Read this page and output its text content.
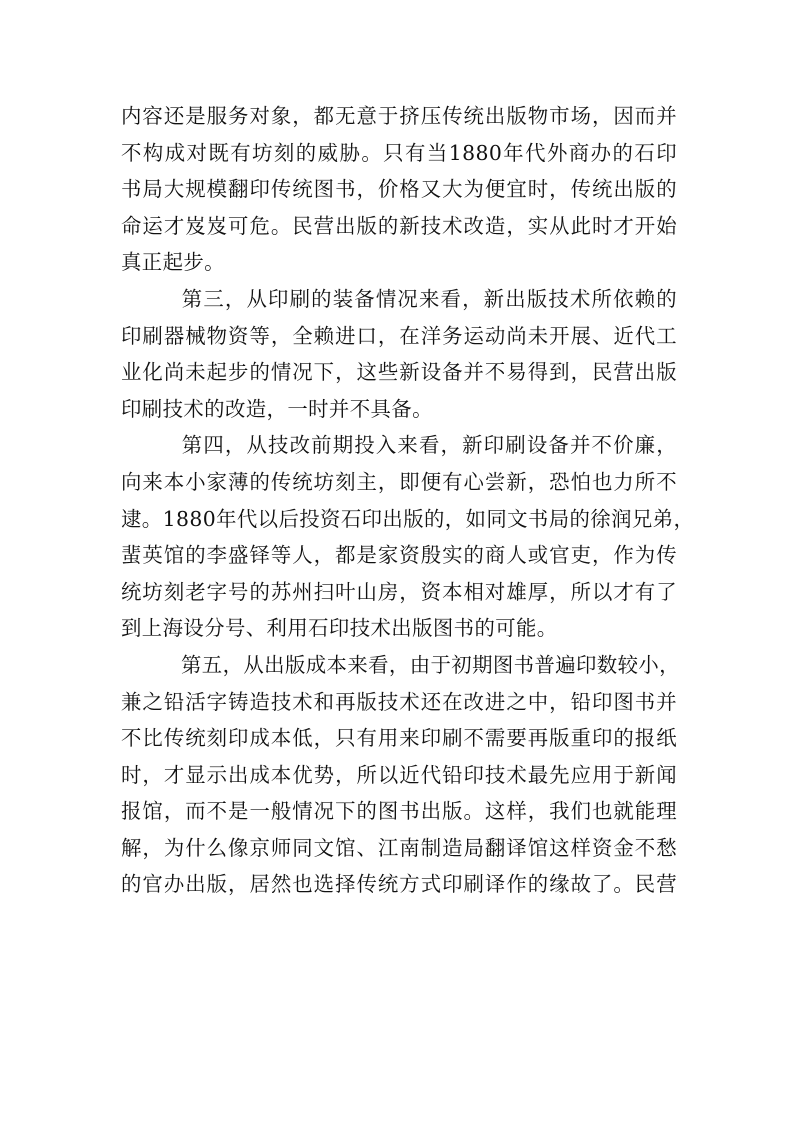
内容还是服务对象，都无意于挤压传统出版物市场，因而并
不构成对既有坊刻的威胁。只有当1880年代外商办的石印
书局大规模翻印传统图书，价格又大为便宜时，传统出版的
命运才岌岌可危。民营出版的新技术改造，实从此时才开始
真正起步。

第三，从印刷的装备情况来看，新出版技术所依赖的
印刷器械物资等，全赖进口，在洋务运动尚未开展、近代工
业化尚未起步的情况下，这些新设备并不易得到，民营出版
印刷技术的改造，一时并不具备。

第四，从技改前期投入来看，新印刷设备并不价廉，
向来本小家薄的传统坊刻主，即便有心尝新，恐怕也力所不
逮。1880年代以后投资石印出版的，如同文书局的徐润兄弟，
蜚英馆的李盛铎等人，都是家资殷实的商人或官吏，作为传
统坊刻老字号的苏州扫叶山房，资本相对雄厚，所以才有了
到上海设分号、利用石印技术出版图书的可能。

第五，从出版成本来看，由于初期图书普遍印数较小，
兼之铅活字铸造技术和再版技术还在改进之中，铅印图书并
不比传统刻印成本低，只有用来印刷不需要再版重印的报纸
时，才显示出成本优势，所以近代铅印技术最先应用于新闻
报馆，而不是一般情况下的图书出版。这样，我们也就能理
解，为什么像京师同文馆、江南制造局翻译馆这样资金不愁
的官办出版，居然也选择传统方式印刷译作的缘故了。民营
